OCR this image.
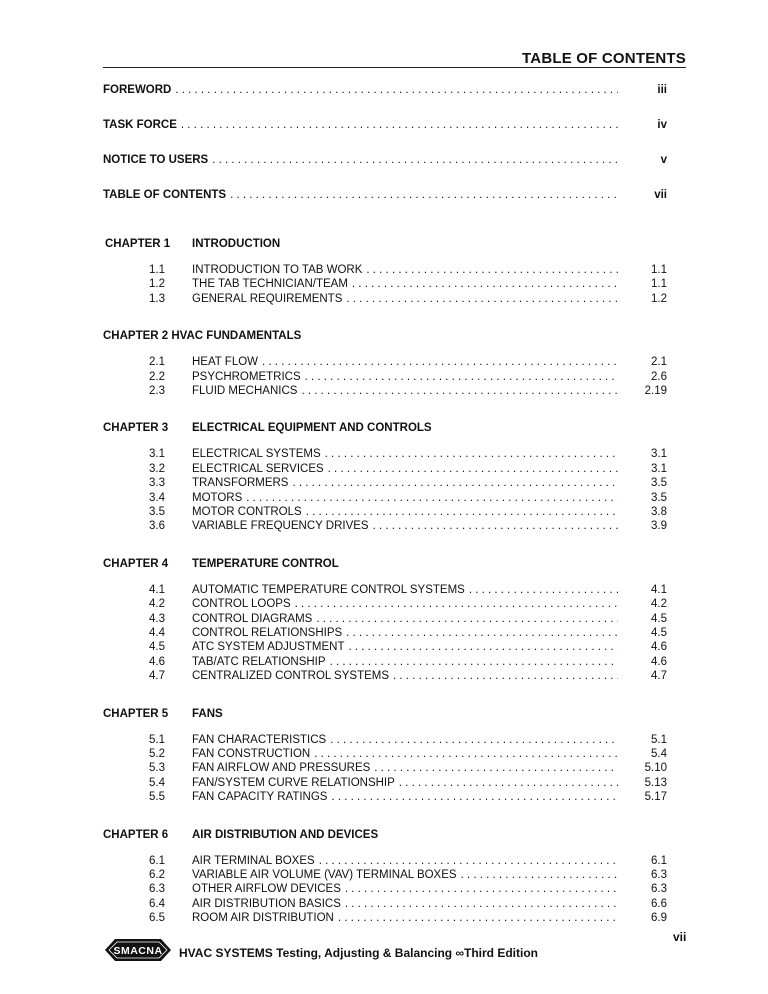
TABLE OF CONTENTS
FOREWORD . . .	iii
TASK FORCE . . .	iv
NOTICE TO USERS . . .	v
TABLE OF CONTENTS . . .	vii
CHAPTER 1 INTRODUCTION
1.1 INTRODUCTION TO TAB WORK . . .	1.1
1.2 THE TAB TECHNICIAN/TEAM . . .	1.1
1.3 GENERAL REQUIREMENTS . . .	1.2
CHAPTER 2 HVAC FUNDAMENTALS
2.1 HEAT FLOW . . .	2.1
2.2 PSYCHROMETRICS . . .	2.6
2.3 FLUID MECHANICS . . .	2.19
CHAPTER 3 ELECTRICAL EQUIPMENT AND CONTROLS
3.1 ELECTRICAL SYSTEMS . . .	3.1
3.2 ELECTRICAL SERVICES . . .	3.1
3.3 TRANSFORMERS . . .	3.5
3.4 MOTORS . . .	3.5
3.5 MOTOR CONTROLS . . .	3.8
3.6 VARIABLE FREQUENCY DRIVES . . .	3.9
CHAPTER 4 TEMPERATURE CONTROL
4.1 AUTOMATIC TEMPERATURE CONTROL SYSTEMS . . .	4.1
4.2 CONTROL LOOPS . . .	4.2
4.3 CONTROL DIAGRAMS . . .	4.5
4.4 CONTROL RELATIONSHIPS . . .	4.5
4.5 ATC SYSTEM ADJUSTMENT . . .	4.6
4.6 TAB/ATC RELATIONSHIP . . .	4.6
4.7 CENTRALIZED CONTROL SYSTEMS . . .	4.7
CHAPTER 5 FANS
5.1 FAN CHARACTERISTICS . . .	5.1
5.2 FAN CONSTRUCTION . . .	5.4
5.3 FAN AIRFLOW AND PRESSURES . . .	5.10
5.4 FAN/SYSTEM CURVE RELATIONSHIP . . .	5.13
5.5 FAN CAPACITY RATINGS . . .	5.17
CHAPTER 6 AIR DISTRIBUTION AND DEVICES
6.1 AIR TERMINAL BOXES . . .	6.1
6.2 VARIABLE AIR VOLUME (VAV) TERMINAL BOXES . . .	6.3
6.3 OTHER AIRFLOW DEVICES . . .	6.3
6.4 AIR DISTRIBUTION BASICS . . .	6.6
6.5 ROOM AIR DISTRIBUTION . . .	6.9
SMACNA HVAC SYSTEMS Testing, Adjusting & Balancing ∞Third Edition
vii
